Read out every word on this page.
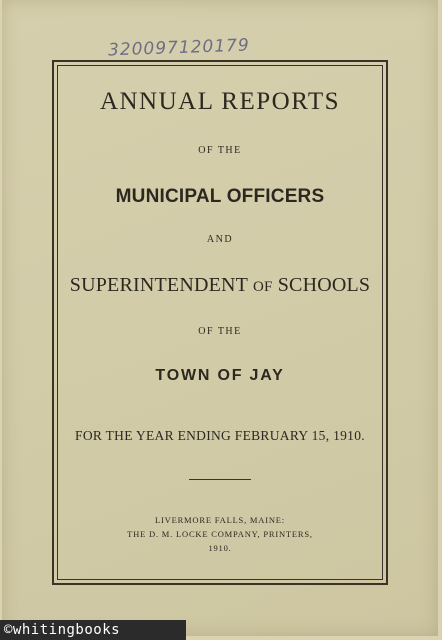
320097120179
ANNUAL REPORTS
OF THE
MUNICIPAL OFFICERS
AND
SUPERINTENDENT OF SCHOOLS
OF THE
TOWN OF JAY
FOR THE YEAR ENDING FEBRUARY 15, 1910.
LIVERMORE FALLS, MAINE:
THE D. M. LOCKE COMPANY, PRINTERS,
1910.
©whitingbooks
